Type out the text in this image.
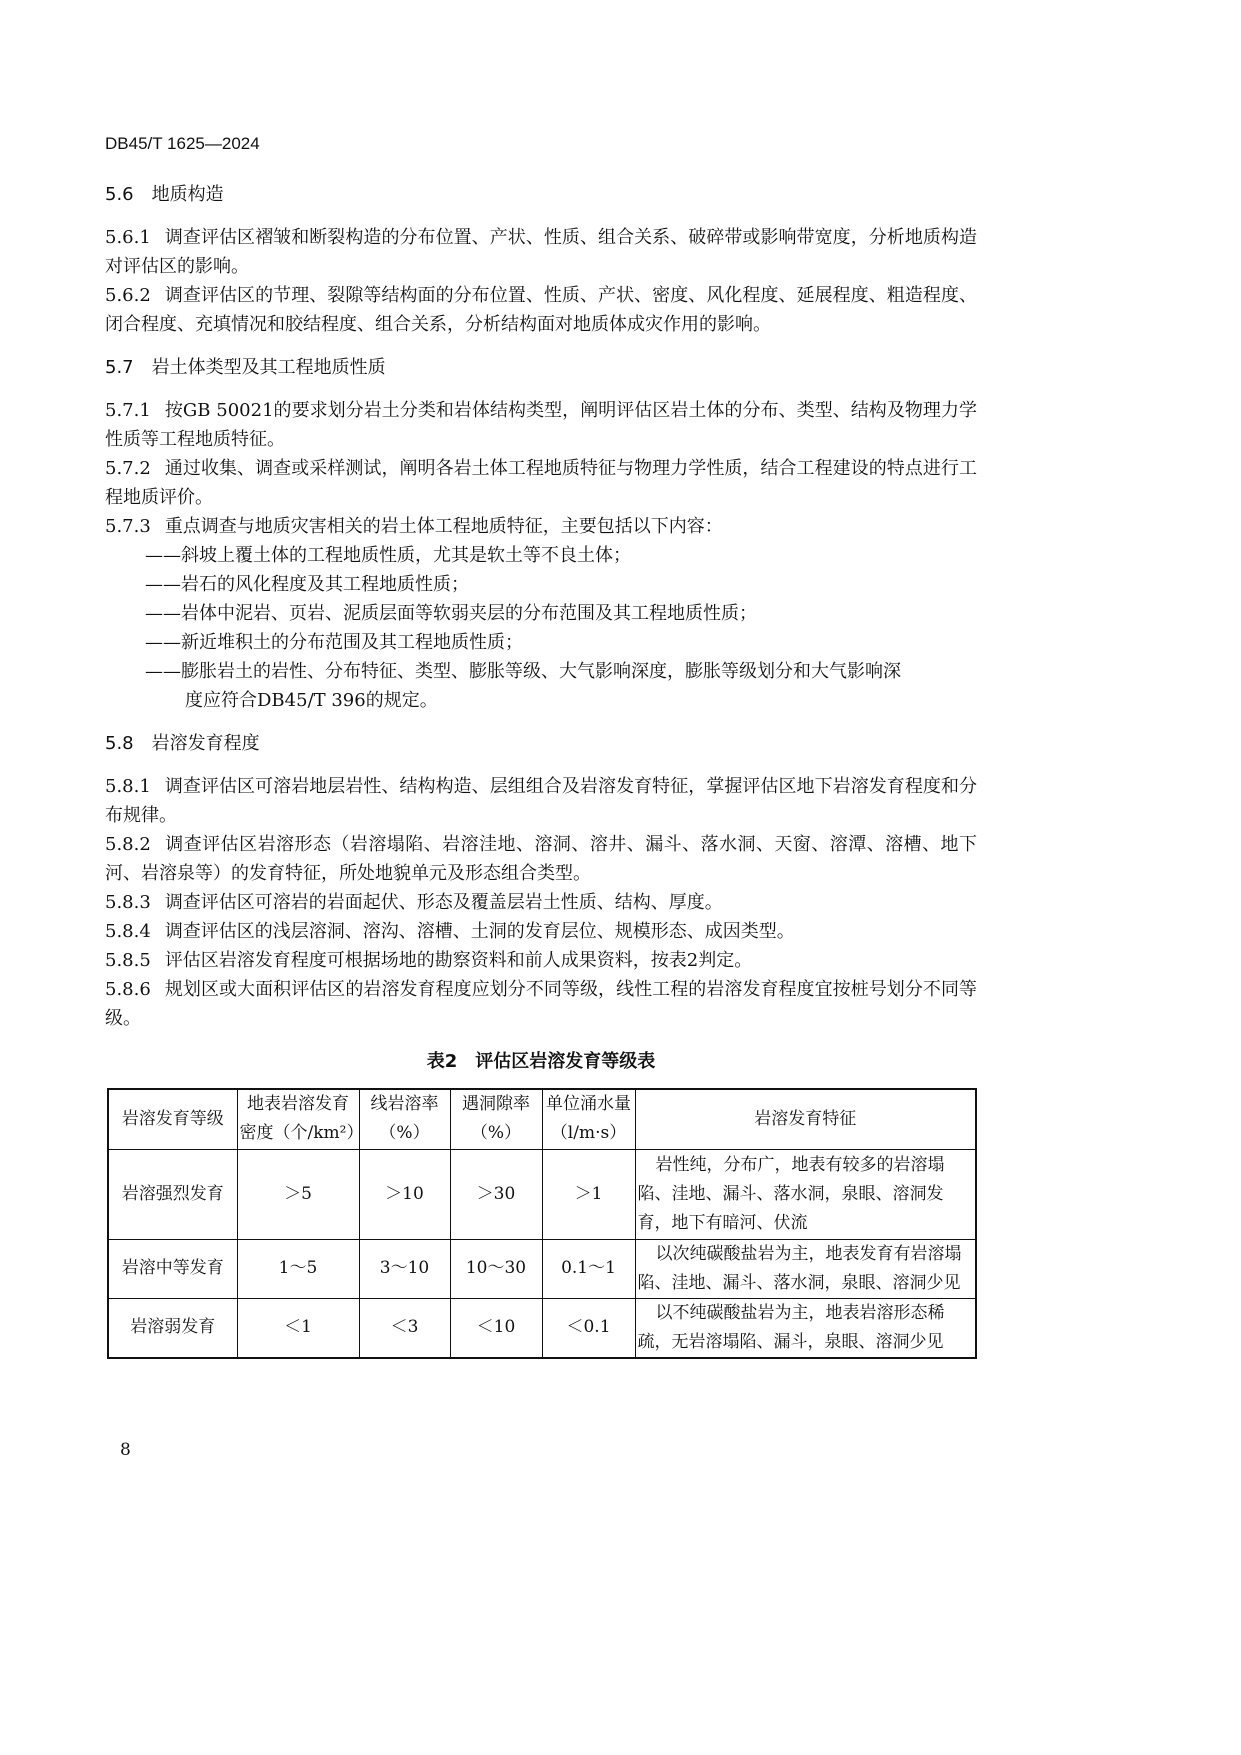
DB45/T 1625—2024
5.6 地质构造

5.6.1 调查评估区褶皱和断裂构造的分布位置、产状、性质、组合关系、破碎带或影响带宽度，分析地质构造对评估区的影响。

5.6.2 调查评估区的节理、裂隙等结构面的分布位置、性质、产状、密度、风化程度、延展程度、粗造程度、闭合程度、充填情况和胶结程度、组合关系，分析结构面对地质体成灾作用的影响。

5.7 岩土体类型及其工程地质性质

5.7.1 按GB 50021的要求划分岩土分类和岩体结构类型，阐明评估区岩土体的分布、类型、结构及物理力学性质等工程地质特征。

5.7.2 通过收集、调查或采样测试，阐明各岩土体工程地质特征与物理力学性质，结合工程建设的特点进行工程地质评价。

5.7.3 重点调查与地质灾害相关的岩土体工程地质特征，主要包括以下内容：

——斜坡上覆土体的工程地质性质，尤其是软土等不良土体；

——岩石的风化程度及其工程地质性质；

——岩体中泥岩、页岩、泥质层面等软弱夹层的分布范围及其工程地质性质；

——新近堆积土的分布范围及其工程地质性质；

——膨胀岩土的岩性、分布特征、类型、膨胀等级、大气影响深度，膨胀等级划分和大气影响深

度应符合DB45/T 396的规定。

5.8 岩溶发育程度

5.8.1 调查评估区可溶岩地层岩性、结构构造、层组组合及岩溶发育特征，掌握评估区地下岩溶发育程度和分布规律。

5.8.2 调查评估区岩溶形态（岩溶塌陷、岩溶洼地、溶洞、溶井、漏斗、落水洞、天窗、溶潭、溶槽、地下河、岩溶泉等）的发育特征，所处地貌单元及形态组合类型。

5.8.3 调查评估区可溶岩的岩面起伏、形态及覆盖层岩土性质、结构、厚度。

5.8.4 调查评估区的浅层溶洞、溶沟、溶槽、土洞的发育层位、规模形态、成因类型。

5.8.5 评估区岩溶发育程度可根据场地的勘察资料和前人成果资料，按表2判定。

5.8.6 规划区或大面积评估区的岩溶发育程度应划分不同等级，线性工程的岩溶发育程度宜按桩号划分不同等级。

表2　评估区岩溶发育等级表
岩溶发育等级	地表岩溶发育密度（个/km²）	线岩溶率（%）	遇洞隙率（%）	单位涌水量（l/m·s）	岩溶发育特征
岩溶强烈发育	＞5	＞10	＞30	＞1	岩性纯，分布广，地表有较多的岩溶塌陷、洼地、漏斗、落水洞，泉眼、溶洞发育，地下有暗河、伏流
岩溶中等发育	1～5	3～10	10～30	0.1～1	以次纯碳酸盐岩为主，地表发育有岩溶塌陷、洼地、漏斗、落水洞，泉眼、溶洞少见
岩溶弱发育	＜1	＜3	＜10	＜0.1	以不纯碳酸盐岩为主，地表岩溶形态稀疏，无岩溶塌陷、漏斗，泉眼、溶洞少见
8
